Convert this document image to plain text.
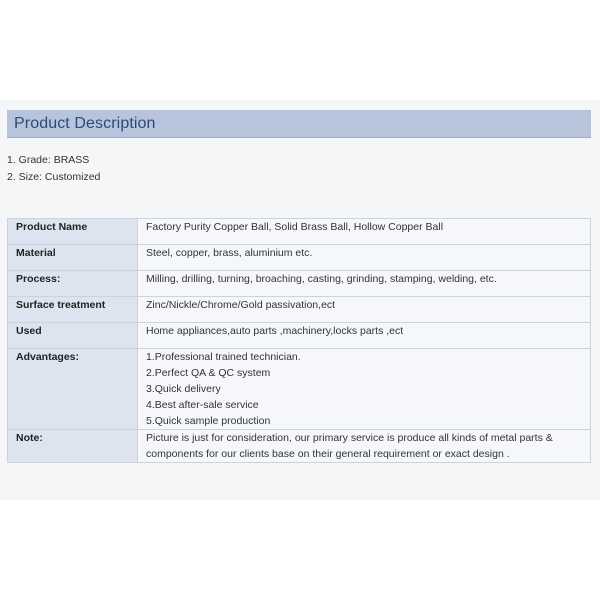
Product Description
1. Grade: BRASS
2. Size: Customized
Product Name	Factory Purity Copper Ball, Solid Brass Ball, Hollow Copper Ball

Material	Steel, copper, brass, aluminium etc.

Process:	Milling, drilling, turning, broaching, casting, grinding, stamping, welding, etc.

Surface treatment	Zinc/Nickle/Chrome/Gold passivation,ect

Used	Home appliances,auto parts ,machinery,locks parts ,ect

Advantages:	1.Professional trained technician.
2.Perfect QA & QC system
3.Quick delivery
4.Best after-sale service
5.Quick sample production

Note:	Picture is just for consideration, our primary service is produce all kinds of metal parts &
components for our clients base on their general requirement or exact design .
